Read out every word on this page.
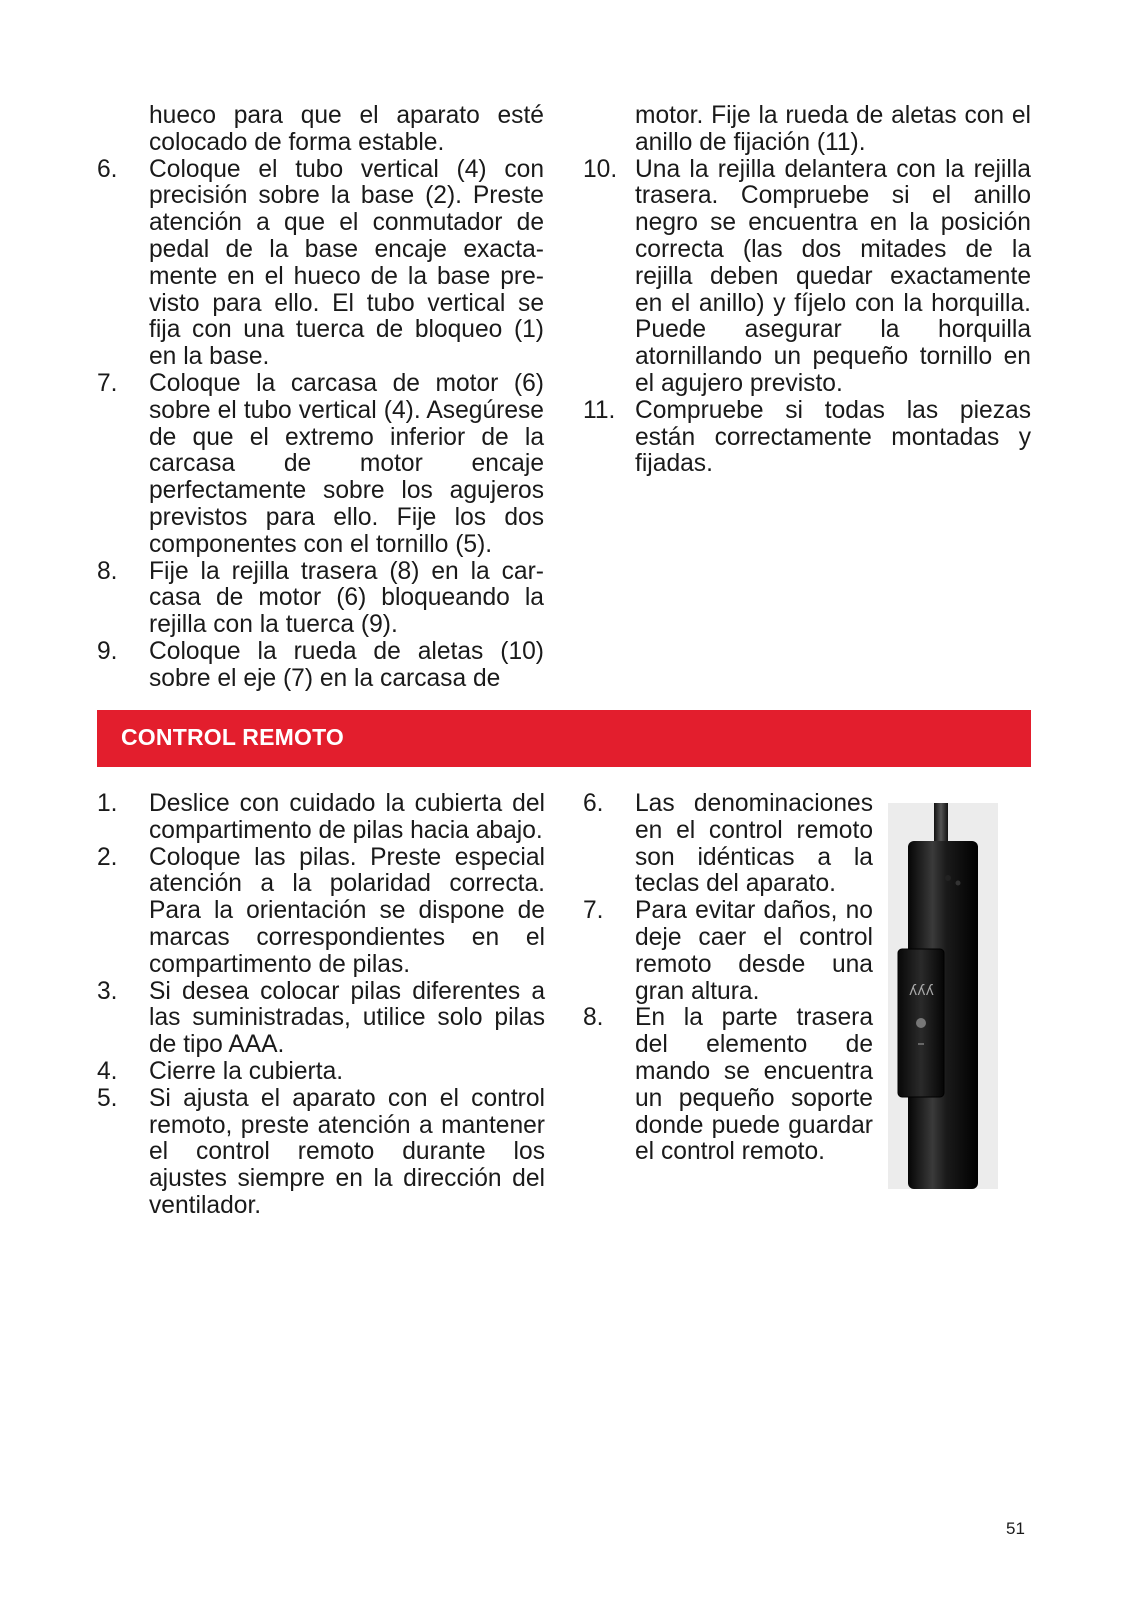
hueco para que el aparato esté colocado de forma estable.
6.	Coloque el tubo vertical (4) con precisión sobre la base (2). Preste atención a que el conmutador de pedal de la base encaje exactamente en el hueco de la base previsto para ello. El tubo vertical se fija con una tuerca de bloqueo (1) en la base.
7.	Coloque la carcasa de motor (6) sobre el tubo vertical (4). Asegúrese de que el extremo inferior de la carcasa de motor encaje perfectamente sobre los agujeros previstos para ello. Fije los dos componentes con el tornillo (5).
8.	Fije la rejilla trasera (8) en la carcasa de motor (6) bloqueando la rejilla con la tuerca (9).
9.	Coloque la rueda de aletas (10) sobre el eje (7) en la carcasa de
motor. Fije la rueda de aletas con el anillo de fijación (11).
10. Una la rejilla delantera con la rejilla trasera. Compruebe si el anillo negro se encuentra en la posición correcta (las dos mitades de la rejilla deben quedar exactamente en el anillo) y fíjelo con la horquilla. Puede asegurar la horquilla atornillando un pequeño tornillo en el agujero previsto.
11. Compruebe si todas las piezas están correctamente montadas y fijadas.
CONTROL REMOTO
1.	Deslice con cuidado la cubierta del compartimento de pilas hacia abajo.
2.	Coloque las pilas. Preste especial atención a la polaridad correcta. Para la orientación se dispone de marcas correspondientes en el compartimento de pilas.
3.	Si desea colocar pilas diferentes a las suministradas, utilice solo pilas de tipo AAA.
4.	Cierre la cubierta.
5.	Si ajusta el aparato con el control remoto, preste atención a mantener el control remoto durante los ajustes siempre en la dirección del ventilador.
6.	Las denominaciones en el control remoto son idénticas a la teclas del aparato.
7.	Para evitar daños, no deje caer el control remoto desde una gran altura.
8.	En la parte trasera del elemento de mando se encuentra un pequeño soporte donde puede guardar el control remoto.
ʎʎʎ
51
